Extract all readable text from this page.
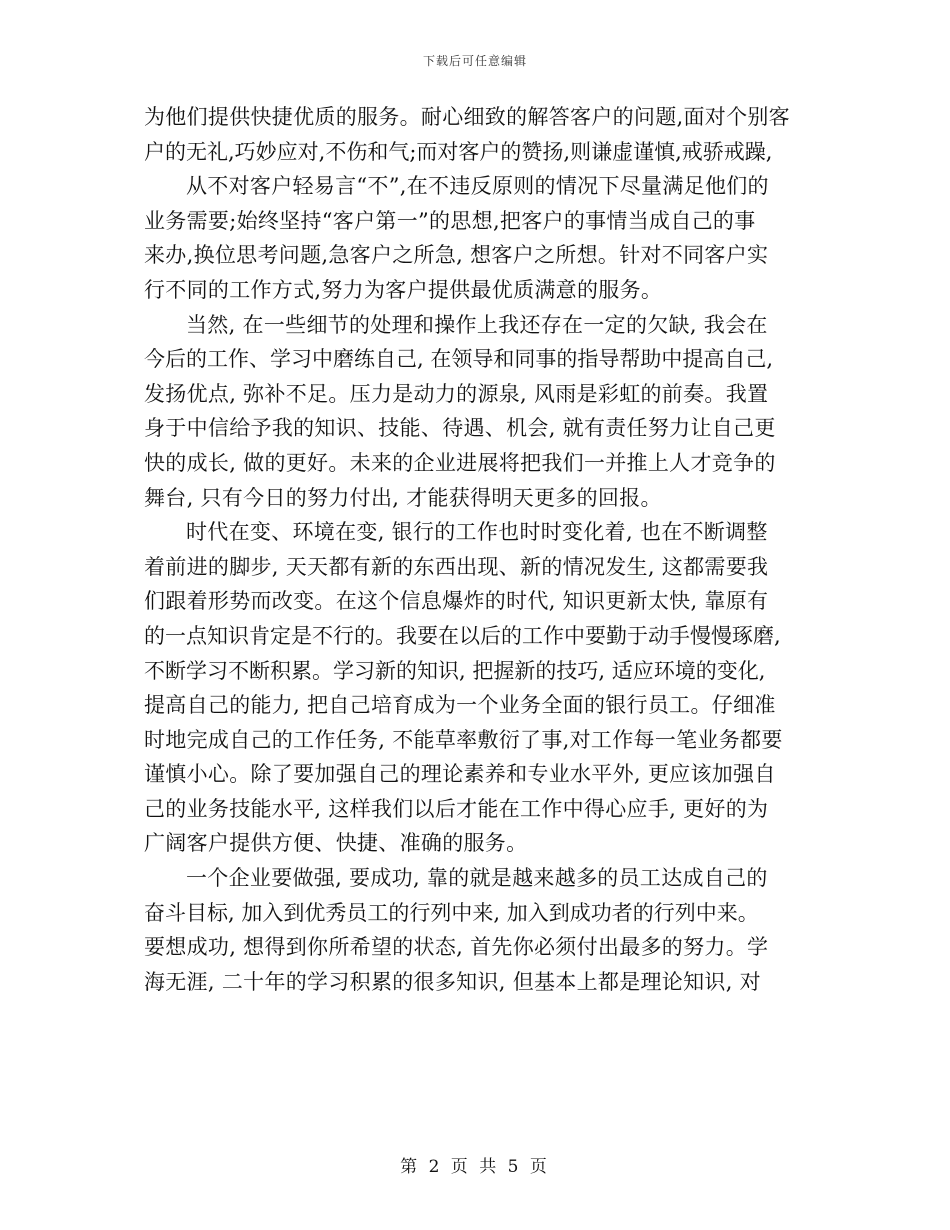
下载后可任意编辑
为他们提供快捷优质的服务。耐心细致的解答客户的问题,面对个别客
户的无礼,巧妙应对,不伤和气;而对客户的赞扬,则谦虚谨慎,戒骄戒躁,
从不对客户轻易言“不”,在不违反原则的情况下尽量满足他们的
业务需要;始终坚持“客户第一”的思想,把客户的事情当成自己的事
来办,换位思考问题,急客户之所急, 想客户之所想。针对不同客户实
行不同的工作方式,努力为客户提供最优质满意的服务。
当然, 在一些细节的处理和操作上我还存在一定的欠缺, 我会在
今后的工作、学习中磨练自己, 在领导和同事的指导帮助中提高自己,
发扬优点, 弥补不足。压力是动力的源泉, 风雨是彩虹的前奏。我置
身于中信给予我的知识、技能、待遇、机会, 就有责任努力让自己更
快的成长, 做的更好。未来的企业进展将把我们一并推上人才竞争的
舞台, 只有今日的努力付出, 才能获得明天更多的回报。
时代在变、环境在变, 银行的工作也时时变化着, 也在不断调整
着前进的脚步, 天天都有新的东西出现、新的情况发生, 这都需要我
们跟着形势而改变。在这个信息爆炸的时代, 知识更新太快, 靠原有
的一点知识肯定是不行的。我要在以后的工作中要勤于动手慢慢琢磨,
不断学习不断积累。学习新的知识, 把握新的技巧, 适应环境的变化,
提高自己的能力, 把自己培育成为一个业务全面的银行员工。仔细准
时地完成自己的工作任务, 不能草率敷衍了事,对工作每一笔业务都要
谨慎小心。除了要加强自己的理论素养和专业水平外, 更应该加强自
己的业务技能水平, 这样我们以后才能在工作中得心应手, 更好的为
广阔客户提供方便、快捷、准确的服务。
一个企业要做强, 要成功, 靠的就是越来越多的员工达成自己的
奋斗目标, 加入到优秀员工的行列中来, 加入到成功者的行列中来。
要想成功, 想得到你所希望的状态, 首先你必须付出最多的努力。学
海无涯, 二十年的学习积累的很多知识, 但基本上都是理论知识, 对
第 2 页 共 5 页
